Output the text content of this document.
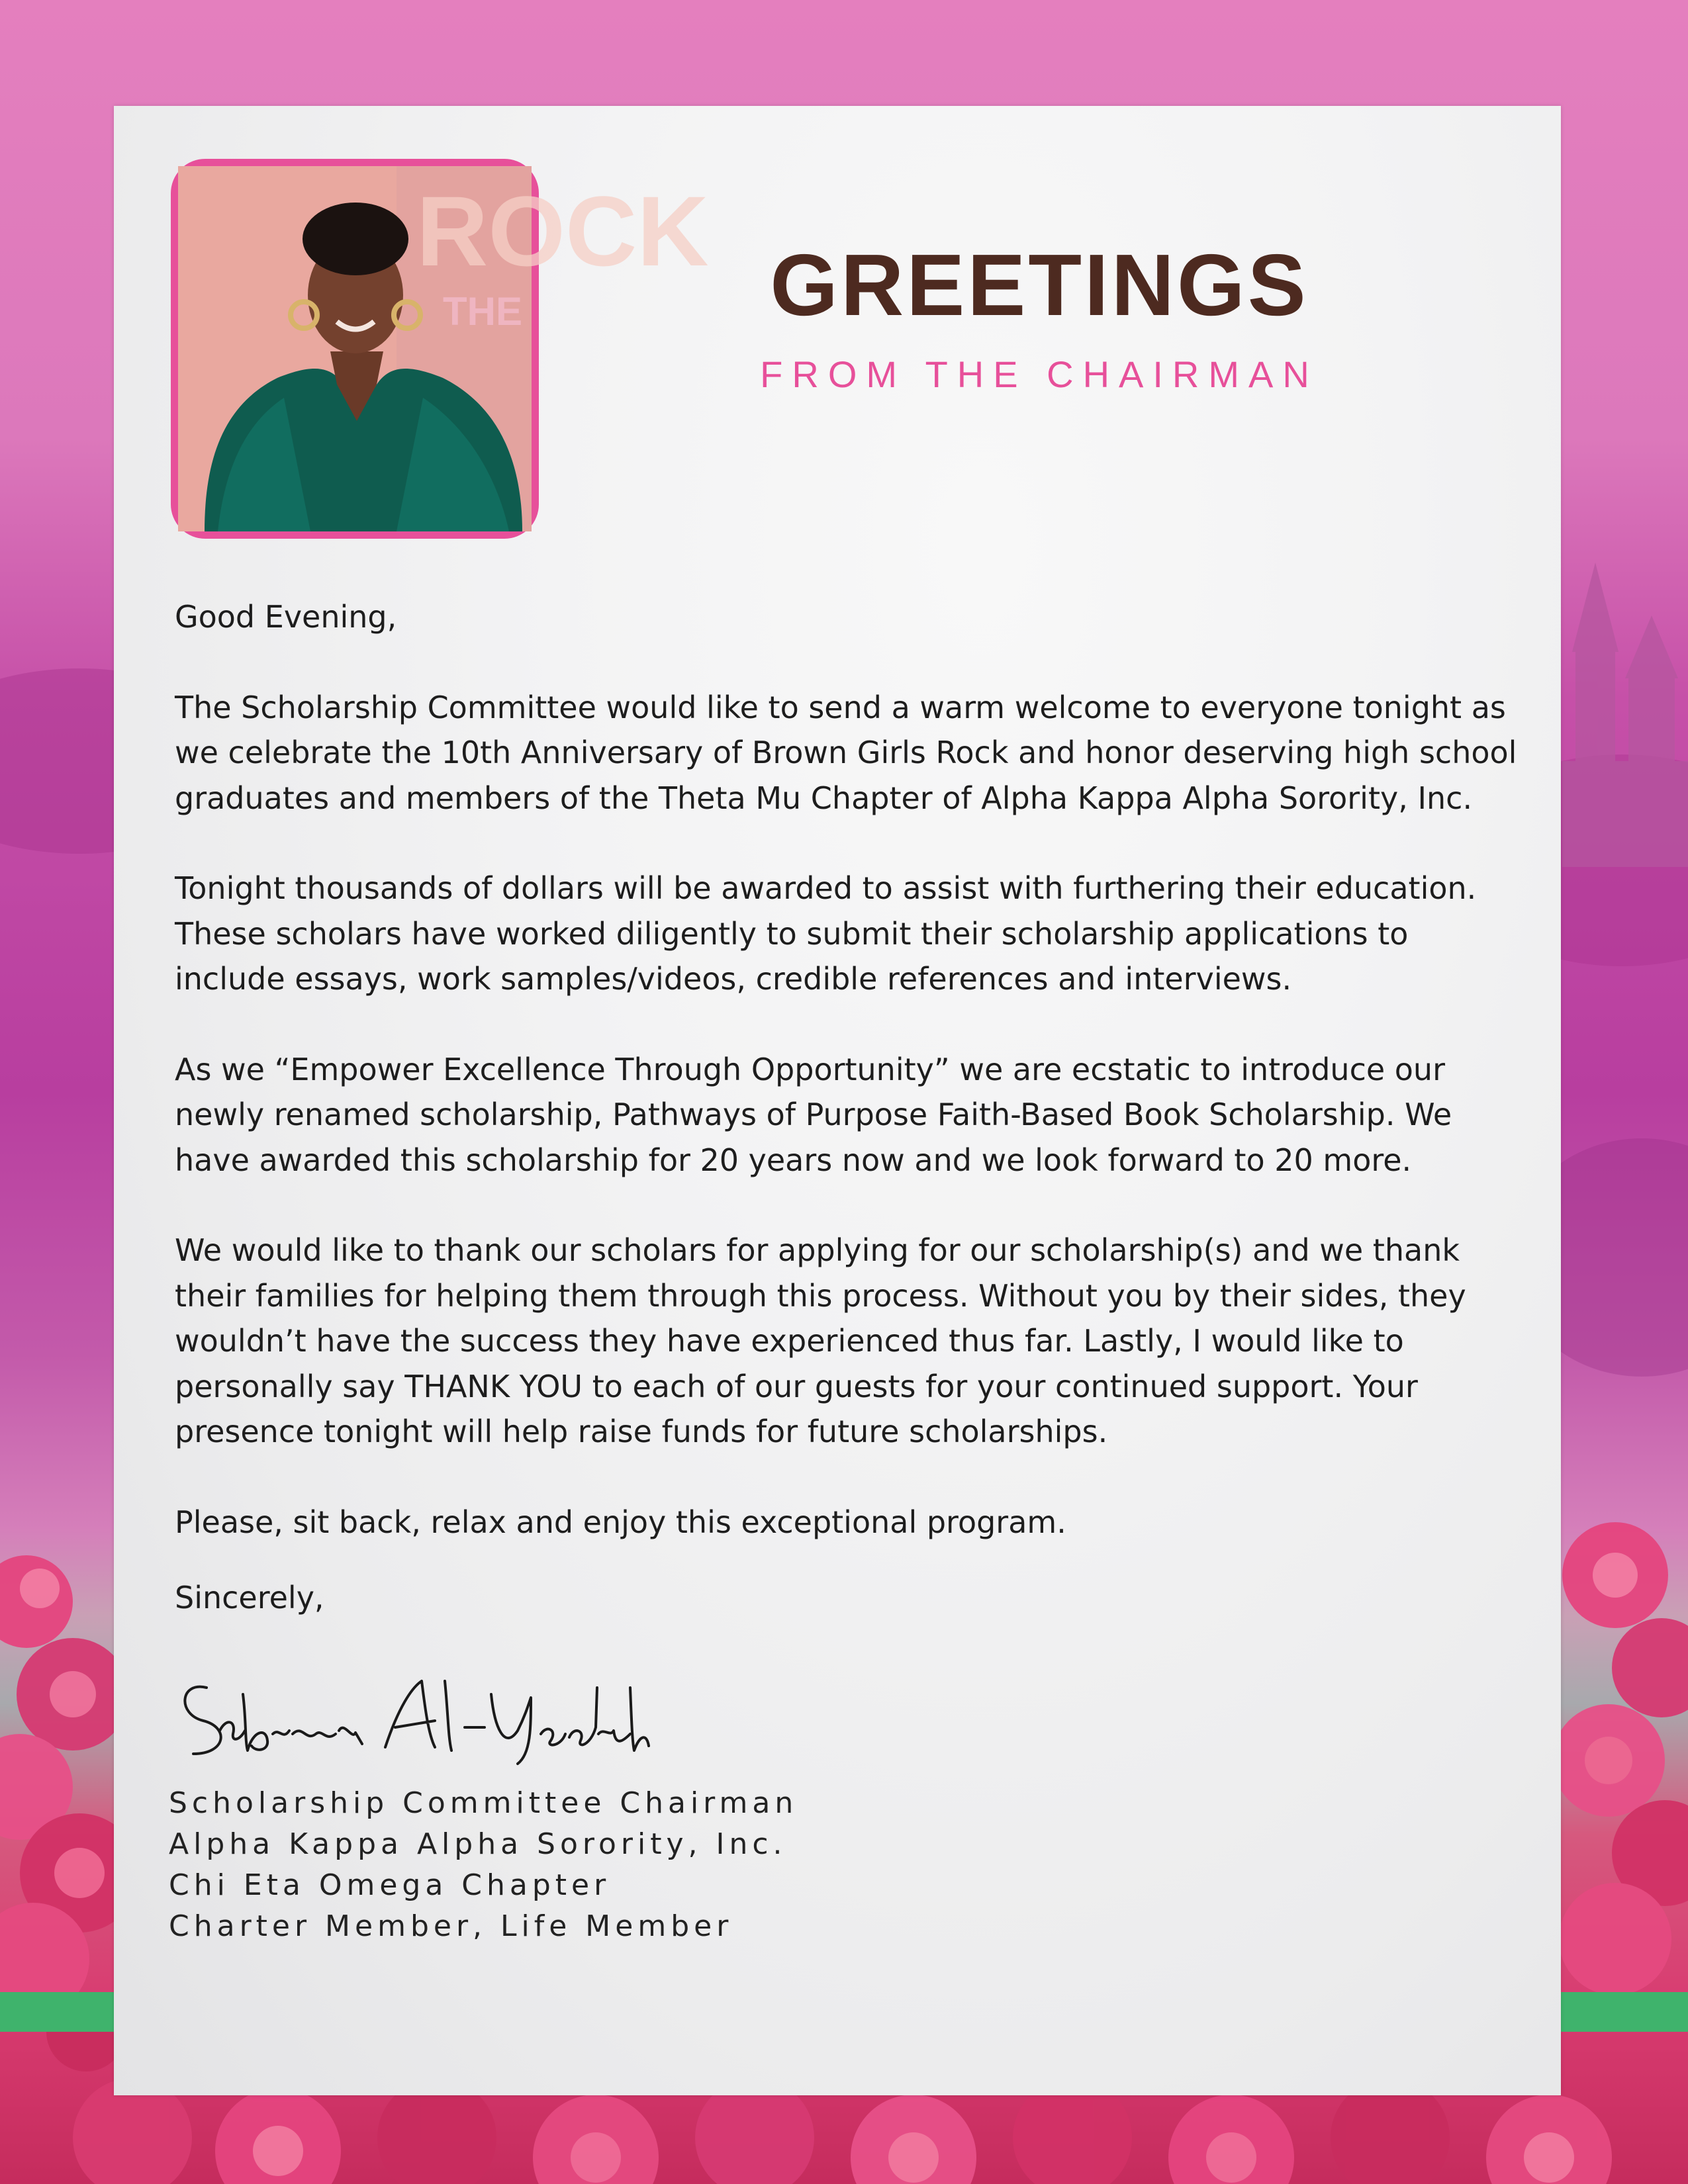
ROCK
THE	GREETINGS
FROM THE CHAIRMAN

Good Evening,

The Scholarship Committee would like to send a warm welcome to everyone tonight as we celebrate the 10th Anniversary of Brown Girls Rock and honor deserving high school graduates and members of the Theta Mu Chapter of Alpha Kappa Alpha Sorority, Inc.

Tonight thousands of dollars will be awarded to assist with furthering their education. These scholars have worked diligently to submit their scholarship applications to include essays, work samples/videos, credible references and interviews.

As we “Empower Excellence Through Opportunity” we are ecstatic to introduce our newly renamed scholarship, Pathways of Purpose Faith-Based Book Scholarship. We have awarded this scholarship for 20 years now and we look forward to 20 more.

We would like to thank our scholars for applying for our scholarship(s) and we thank their families for helping them through this process. Without you by their sides, they wouldn’t have the success they have experienced thus far. Lastly, I would like to personally say THANK YOU to each of our guests for your continued support. Your presence tonight will help raise funds for future scholarships.

Please, sit back, relax and enjoy this exceptional program.

Sincerely,

Scholarship Committee Chairman
Alpha Kappa Alpha Sorority, Inc.
Chi Eta Omega Chapter
Charter Member, Life Member
